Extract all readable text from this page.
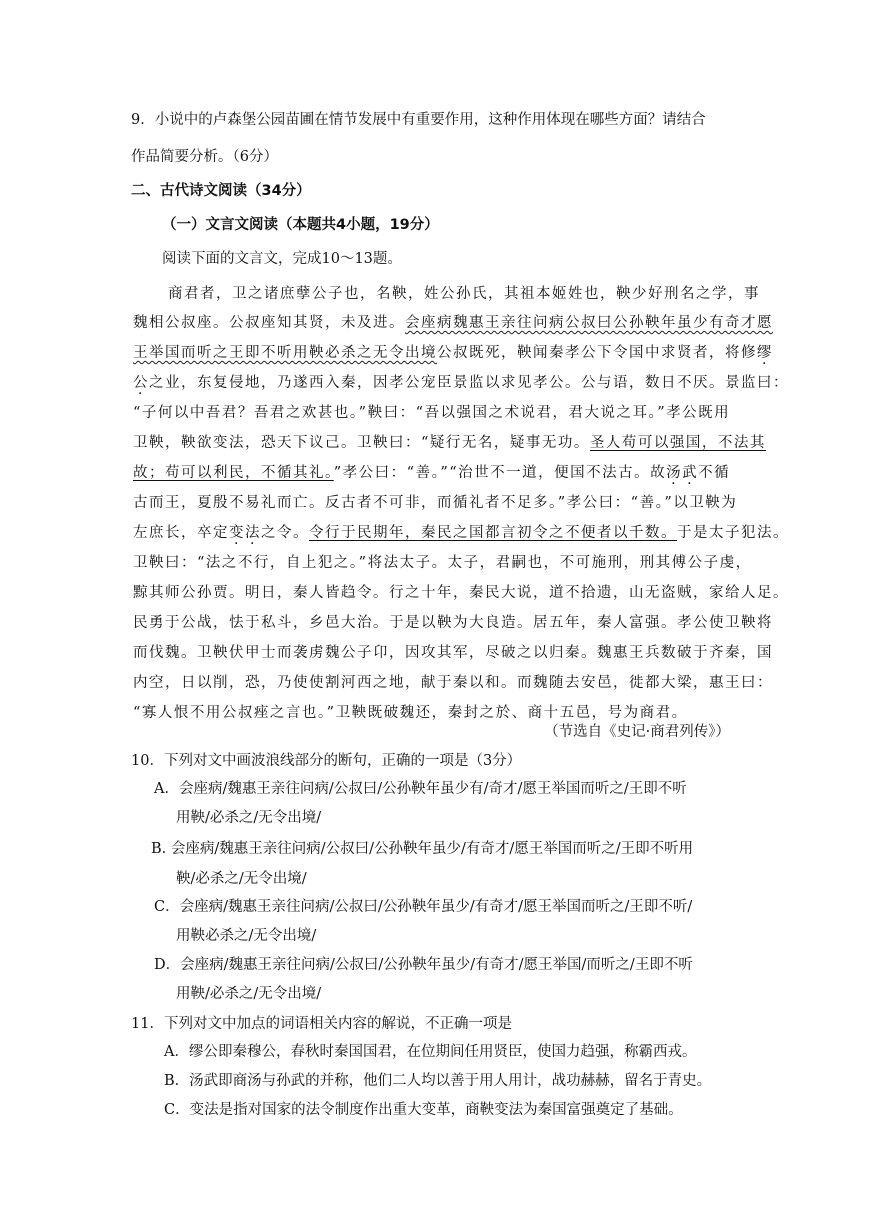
9．小说中的卢森堡公园苗圃在情节发展中有重要作用，这种作用体现在哪些方面？请结合
作品简要分析。（6分）
二、古代诗文阅读（34分）
（一）文言文阅读（本题共4小题，19分）
阅读下面的文言文，完成10～13题。
商君者，卫之诸庶孽公子也，名鞅，姓公孙氏，其祖本姬姓也，鞅少好刑名之学，事
魏相公叔座。公叔座知其贤，未及进。会座病魏惠王亲往问病公叔曰公孙鞅年虽少有奇才愿
王举国而听之王即不听用鞅必杀之无令出境公叔既死，鞅闻秦孝公下令国中求贤者，将修缪
公之业，东复侵地，乃遂西入秦，因孝公宠臣景监以求见孝公。公与语，数日不厌。景监曰：
“子何以中吾君？吾君之欢甚也。”鞅曰：“吾以强国之术说君，君大说之耳。”孝公既用
卫鞅，鞅欲变法，恐天下议己。卫鞅曰：“疑行无名，疑事无功。圣人苟可以强国，不法其
故；苟可以利民，不循其礼。”孝公曰：“善。”“治世不一道，便国不法古。故汤武不循
古而王，夏殷不易礼而亡。反古者不可非，而循礼者不足多。”孝公曰：“善。”以卫鞅为
左庶长，卒定变法之令。令行于民期年，秦民之国都言初令之不便者以千数。于是太子犯法。
卫鞅曰：“法之不行，自上犯之。”将法太子。太子，君嗣也，不可施刑，刑其傅公子虔，
黥其师公孙贾。明日，秦人皆趋令。行之十年，秦民大说，道不拾遗，山无盗贼，家给人足。
民勇于公战，怯于私斗，乡邑大治。于是以鞅为大良造。居五年，秦人富强。孝公使卫鞅将
而伐魏。卫鞅伏甲士而袭虏魏公子卬，因攻其军，尽破之以归秦。魏惠王兵数破于齐秦，国
内空，日以削，恐，乃使使割河西之地，献于秦以和。而魏随去安邑，徙都大梁，惠王曰：
“寡人恨不用公叔痤之言也。”卫鞅既破魏还，秦封之於、商十五邑，号为商君。
（节选自《史记·商君列传》）
10．下列对文中画波浪线部分的断句，正确的一项是（3分）
A．会座病/魏惠王亲往问病/公叔曰/公孙鞅年虽少有/奇才/愿王举国而听之/王即不听
用鞅/必杀之/无令出境/
B. 会座病/魏惠王亲往问病/公叔曰/公孙鞅年虽少/有奇才/愿王举国而听之/王即不听用
鞅/必杀之/无令出境/
C．会座病/魏惠王亲往问病/公叔曰/公孙鞅年虽少/有奇才/愿王举国而听之/王即不听/
用鞅必杀之/无令出境/
D．会座病/魏惠王亲往问病/公叔曰/公孙鞅年虽少/有奇才/愿王举国/而听之/王即不听
用鞅/必杀之/无令出境/
11．下列对文中加点的词语相关内容的解说，不正确一项是
A．缪公即秦穆公，春秋时秦国国君，在位期间任用贤臣，使国力趋强，称霸西戎。
B．汤武即商汤与孙武的并称，他们二人均以善于用人用计，战功赫赫，留名于青史。
C．变法是指对国家的法令制度作出重大变革，商鞅变法为秦国富强奠定了基础。
